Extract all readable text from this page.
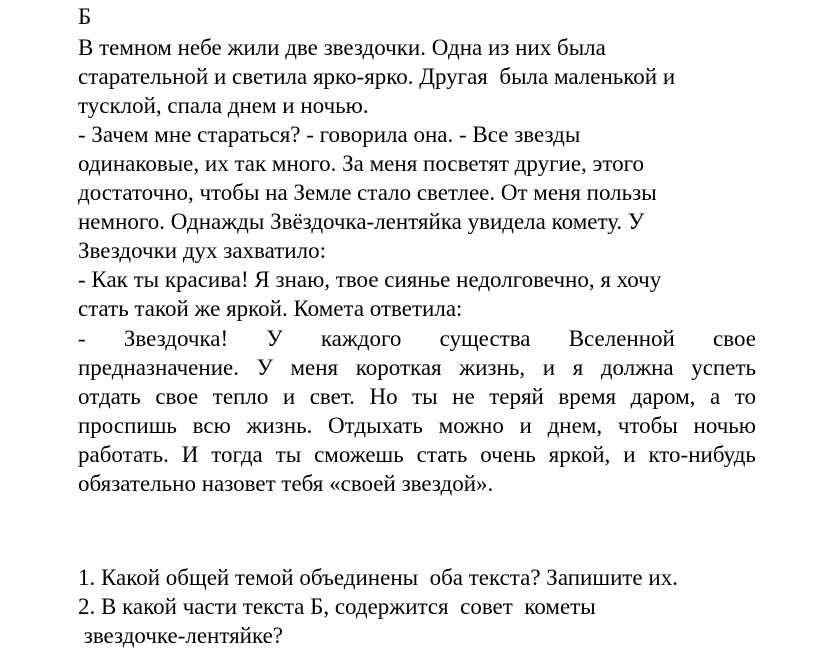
Б
В темном небе жили две звездочки. Одна из них была
старательной и светила ярко-ярко. Другая  была маленькой и
тусклой, спала днем и ночью.
- Зачем мне стараться? - говорила она. - Все звезды
одинаковые, их так много. За меня посветят другие, этого
достаточно, чтобы на Земле стало светлее. От меня пользы
немного. Однажды Звёздочка-лентяйка увидела комету. У
Звездочки дух захватило:
- Как ты красива! Я знаю, твое сиянье недолговечно, я хочу
стать такой же яркой. Комета ответила:
- Звездочка! У каждого существа Вселенной свое
предназначение. У меня короткая жизнь, и я должна успеть
отдать свое тепло и свет. Но ты не теряй время даром, а то
проспишь всю жизнь. Отдыхать можно и днем, чтобы ночью
работать. И тогда ты сможешь стать очень яркой, и кто-нибудь
обязательно назовет тебя «своей звездой».
1. Какой общей темой объединены  оба текста? Запишите их.
2. В какой части текста Б, содержится  совет  кометы
звездочке-лентяйке?
